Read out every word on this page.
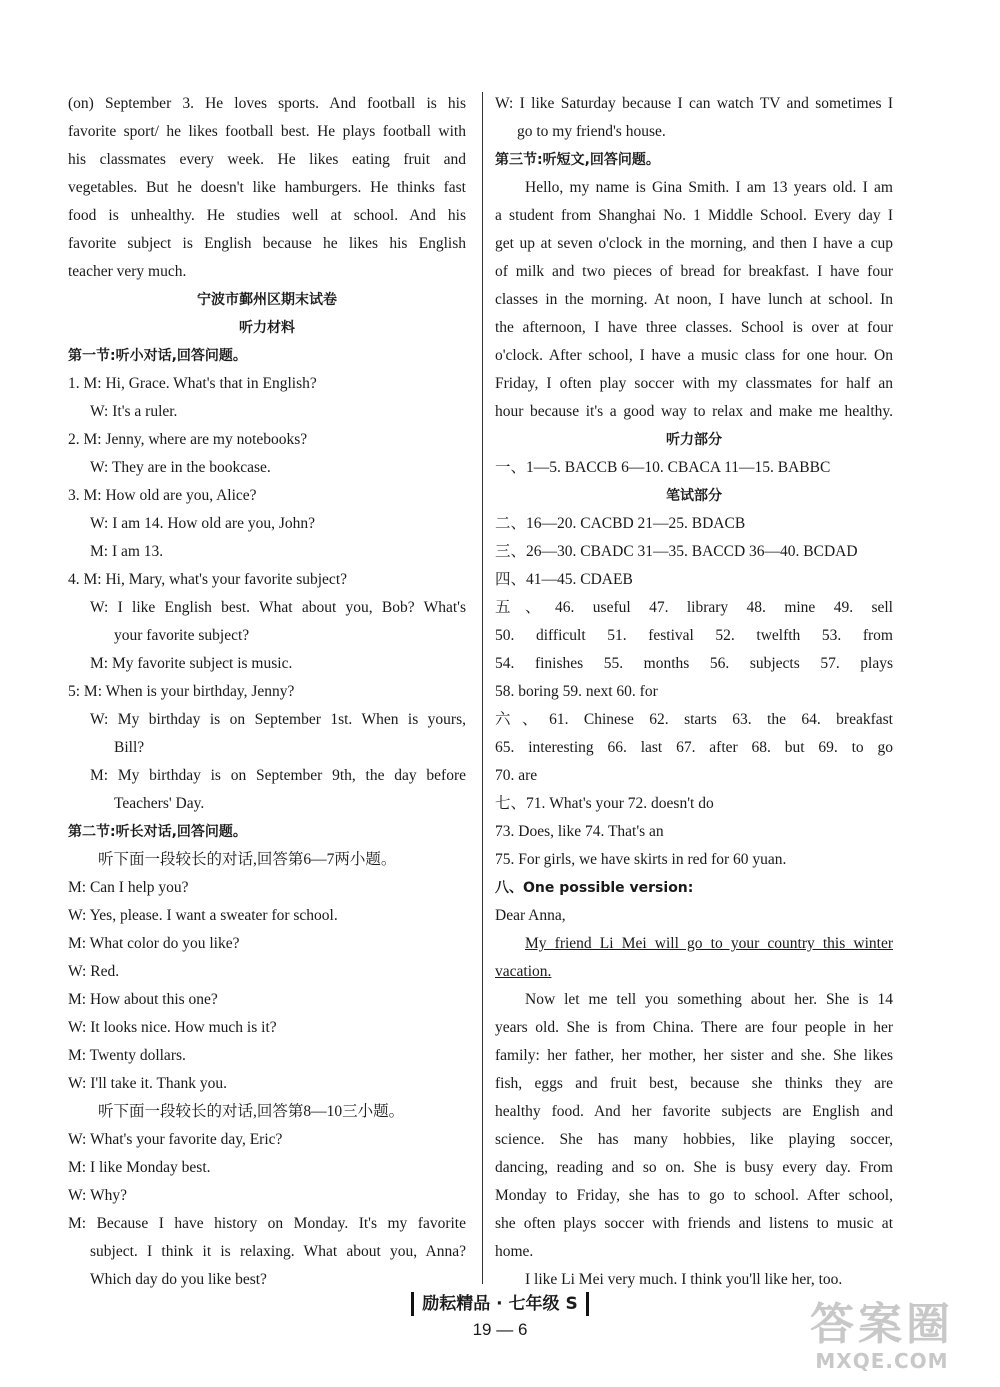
(on) September 3. He loves sports. And football is his
favorite sport/ he likes football best. He plays football with
his classmates every week. He likes eating fruit and
vegetables. But he doesn't like hamburgers. He thinks fast
food is unhealthy. He studies well at school. And his
favorite subject is English because he likes his English
teacher very much.
宁波市鄞州区期末试卷
听力材料
第一节:听小对话,回答问题。
1. M: Hi, Grace. What's that in English?
W: It's a ruler.
2. M: Jenny, where are my notebooks?
W: They are in the bookcase.
3. M: How old are you, Alice?
W: I am 14. How old are you, John?
M: I am 13.
4. M: Hi, Mary, what's your favorite subject?
W: I like English best. What about you, Bob? What's
your favorite subject?
M: My favorite subject is music.
5: M: When is your birthday, Jenny?
W: My birthday is on September 1st. When is yours,
Bill?
M: My birthday is on September 9th, the day before
Teachers' Day.
第二节:听长对话,回答问题。
听下面一段较长的对话,回答第6—7两小题。
M: Can I help you?
W: Yes, please. I want a sweater for school.
M: What color do you like?
W: Red.
M: How about this one?
W: It looks nice. How much is it?
M: Twenty dollars.
W: I'll take it. Thank you.
听下面一段较长的对话,回答第8—10三小题。
W: What's your favorite day, Eric?
M: I like Monday best.
W: Why?
M: Because I have history on Monday. It's my favorite
subject. I think it is relaxing. What about you, Anna?
Which day do you like best?
W: I like Saturday because I can watch TV and sometimes I
go to my friend's house.
第三节:听短文,回答问题。
Hello, my name is Gina Smith. I am 13 years old. I am
a student from Shanghai No. 1 Middle School. Every day I
get up at seven o'clock in the morning, and then I have a cup
of milk and two pieces of bread for breakfast. I have four
classes in the morning. At noon, I have lunch at school. In
the afternoon, I have three classes. School is over at four
o'clock. After school, I have a music class for one hour. On
Friday, I often play soccer with my classmates for half an
hour because it's a good way to relax and make me healthy.
听力部分
一、1—5. BACCB 6—10. CBACA 11—15. BABBC
笔试部分
二、16—20. CACBD 21—25. BDACB
三、26—30. CBADC 31—35. BACCD 36—40. BCDAD
四、41—45. CDAEB
五、46. useful 47. library 48. mine 49. sell
50. difficult 51. festival 52. twelfth 53. from
54. finishes 55. months 56. subjects 57. plays
58. boring 59. next 60. for
六、61. Chinese 62. starts 63. the 64. breakfast
65. interesting 66. last 67. after 68. but 69. to go
70. are
七、71. What's your 72. doesn't do
73. Does, like 74. That's an
75. For girls, we have skirts in red for 60 yuan.
八、One possible version:
Dear Anna,
My friend Li Mei will go to your country this winter
vacation.
Now let me tell you something about her. She is 14
years old. She is from China. There are four people in her
family: her father, her mother, her sister and she. She likes
fish, eggs and fruit best, because she thinks they are
healthy food. And her favorite subjects are English and
science. She has many hobbies, like playing soccer,
dancing, reading and so on. She is busy every day. From
Monday to Friday, she has to go to school. After school,
she often plays soccer with friends and listens to music at
home.
I like Li Mei very much. I think you'll like her, too.
励耘精品 · 七年级 S
19 — 6	答案圈
MXQE.COM
